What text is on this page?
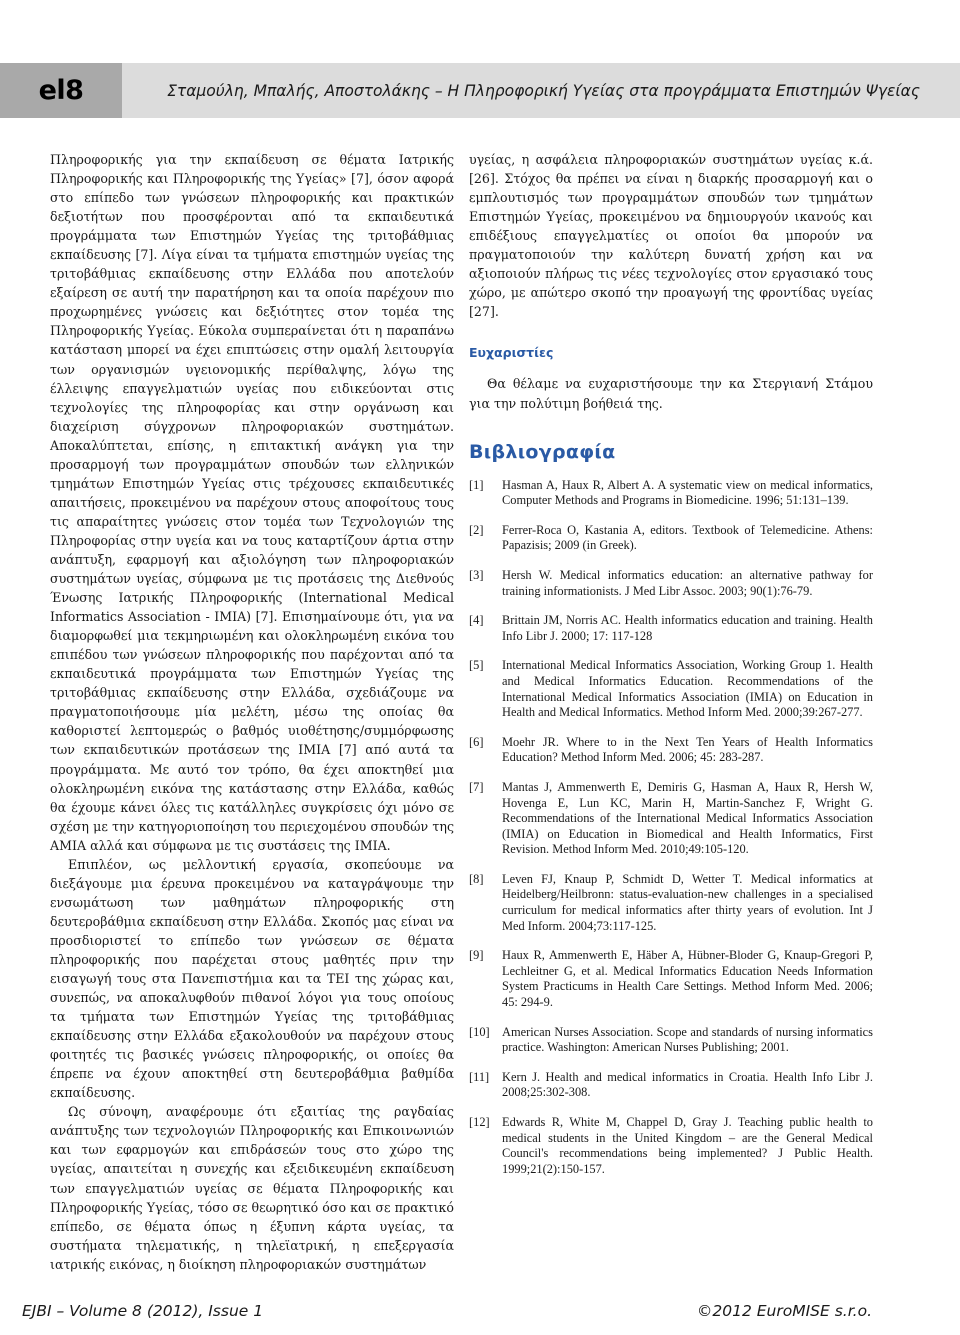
el8	Σταμούλη, Μπαλής, Αποστολάκης – Η Πληροφορική Υγείας στα προγράμματα Επιστημών Ψγείας

Πληροφορικής για την εκπαίδευση σε θέματα Ιατρικής Πληροφορικής και Πληροφορικής της Υγείας» [7], όσον αφορά στο επίπεδο των γνώσεων πληροφορικής και πρακτικών δεξιοτήτων που προσφέρονται από τα εκπαιδευτικά προγράμματα των Επιστημών Υγείας της τριτοβάθμιας εκπαίδευσης [7]. Λίγα είναι τα τμήματα επιστημών υγείας της τριτοβάθμιας εκπαίδευσης στην Ελλάδα που αποτελούν εξαίρεση σε αυτή την παρατήρηση και τα οποία παρέχουν πιο προχωρημένες γνώσεις και δεξιότητες στον τομέα της Πληροφορικής Υγείας. Εύκολα συμπεραίνεται ότι η παραπάνω κατάσταση μπορεί να έχει επιπτώσεις στην ομαλή λειτουργία των οργανισμών υγειονομικής περίθαλψης, λόγω της έλλειψης επαγγελματιών υγείας που ειδικεύονται στις τεχνολογίες της πληροφορίας και στην οργάνωση και διαχείριση σύγχρονων πληροφοριακών συστημάτων. Αποκαλύπτεται, επίσης, η επιτακτική ανάγκη για την προσαρμογή των προγραμμάτων σπουδών των ελληνικών τμημάτων Επιστημών Υγείας στις τρέχουσες εκπαιδευτικές απαιτήσεις, προκειμένου να παρέχουν στους αποφοίτους τους τις απαραίτητες γνώσεις στον τομέα των Τεχνολογιών της Πληροφορίας στην υγεία και να τους καταρτίζουν άρτια στην ανάπτυξη, εφαρμογή και αξιολόγηση των πληροφοριακών συστημάτων υγείας, σύμφωνα με τις προτάσεις της Διεθνούς Ένωσης Ιατρικής Πληροφορικής (International Medical Informatics Association - IMIA) [7]. Επισημαίνουμε ότι, για να διαμορφωθεί μια τεκμηριωμένη και ολοκληρωμένη εικόνα του επιπέδου των γνώσεων πληροφορικής που παρέχονται από τα εκπαιδευτικά προγράμματα των Επιστημών Υγείας της τριτοβάθμιας εκπαίδευσης στην Ελλάδα, σχεδιάζουμε να πραγματοποιήσουμε μία μελέτη, μέσω της οποίας θα καθοριστεί λεπτομερώς ο βαθμός υιοθέτησης/συμμόρφωσης των εκπαιδευτικών προτάσεων της IMIA [7] από αυτά τα προγράμματα. Με αυτό τον τρόπο, θα έχει αποκτηθεί μια ολοκληρωμένη εικόνα της κατάστασης στην Ελλάδα, καθώς θα έχουμε κάνει όλες τις κατάλληλες συγκρίσεις όχι μόνο σε σχέση με την κατηγοριοποίηση του περιεχομένου σπουδών της AMIA αλλά και σύμφωνα με τις συστάσεις της IMIA.

Επιπλέον, ως μελλοντική εργασία, σκοπεύουμε να διεξάγουμε μια έρευνα προκειμένου να καταγράψουμε την ενσωμάτωση των μαθημάτων πληροφορικής στη δευτεροβάθμια εκπαίδευση στην Ελλάδα. Σκοπός μας είναι να προσδιοριστεί το επίπεδο των γνώσεων σε θέματα πληροφορικής που παρέχεται στους μαθητές πριν την εισαγωγή τους στα Πανεπιστήμια και τα ΤΕΙ της χώρας και, συνεπώς, να αποκαλυφθούν πιθανοί λόγοι για τους οποίους τα τμήματα των Επιστημών Υγείας της τριτοβάθμιας εκπαίδευσης στην Ελλάδα εξακολουθούν να παρέχουν στους φοιτητές τις βασικές γνώσεις πληροφορικής, οι οποίες θα έπρεπε να έχουν αποκτηθεί στη δευτεροβάθμια βαθμίδα εκπαίδευσης.

Ως σύνοψη, αναφέρουμε ότι εξαιτίας της ραγδαίας ανάπτυξης των τεχνολογιών Πληροφορικής και Επικοινωνιών και των εφαρμογών και επιδράσεών τους στο χώρο της υγείας, απαιτείται η συνεχής και εξειδικευμένη εκπαίδευση των επαγγελματιών υγείας σε θέματα Πληροφορικής και Πληροφορικής Υγείας, τόσο σε θεωρητικό όσο και σε πρακτικό επίπεδο, σε θέματα όπως η έξυπνη κάρτα υγείας, τα συστήματα τηλεματικής, η τηλεϊατρική, η επεξεργασία ιατρικής εικόνας, η διοίκηση πληροφοριακών συστημάτων

υγείας, η ασφάλεια πληροφοριακών συστημάτων υγείας κ.ά. [26]. Στόχος θα πρέπει να είναι η διαρκής προσαρμογή και ο εμπλουτισμός των προγραμμάτων σπουδών των τμημάτων Επιστημών Υγείας, προκειμένου να δημιουργούν ικανούς και επιδέξιους επαγγελματίες οι οποίοι θα μπορούν να πραγματοποιούν την καλύτερη δυνατή χρήση και να αξιοποιούν πλήρως τις νέες τεχνολογίες στον εργασιακό τους χώρο, με απώτερο σκοπό την προαγωγή της φροντίδας υγείας [27].

Ευχαριστίες

Θα θέλαμε να ευχαριστήσουμε την κα Στεργιανή Στάμου για την πολύτιμη βοήθειά της.

Βιβλιογραφία
[1]	Hasman A, Haux R, Albert A. A systematic view on medical informatics, Computer Methods and Programs in Biomedicine. 1996; 51:131–139.
[2]	Ferrer-Roca O, Kastania A, editors. Textbook of Telemedicine. Athens: Papazisis; 2009 (in Greek).
[3]	Hersh W. Medical informatics education: an alternative pathway for training informationists. J Med Libr Assoc. 2003; 90(1):76-79.
[4]	Brittain JM, Norris AC. Health informatics education and training. Health Info Libr J. 2000; 17: 117-128
[5]	International Medical Informatics Association, Working Group 1. Health and Medical Informatics Education. Recommendations of the International Medical Informatics Association (IMIA) on Education in Health and Medical Informatics. Method Inform Med. 2000;39:267-277.
[6]	Moehr JR. Where to in the Next Ten Years of Health Informatics Education? Method Inform Med. 2006; 45: 283-287.
[7]	Mantas J, Ammenwerth E, Demiris G, Hasman A, Haux R, Hersh W, Hovenga E, Lun KC, Marin H, Martin-Sanchez F, Wright G. Recommendations of the International Medical Informatics Association (IMIA) on Education in Biomedical and Health Informatics, First Revision. Method Inform Med. 2010;49:105-120.
[8]	Leven FJ, Knaup P, Schmidt D, Wetter T. Medical informatics at Heidelberg/Heilbronn: status-evaluation-new challenges in a specialised curriculum for medical informatics after thirty years of evolution. Int J Med Inform. 2004;73:117-125.
[9]	Haux R, Ammenwerth E, Häber A, Hübner-Bloder G, Knaup-Gregori P, Lechleitner G, et al. Medical Informatics Education Needs Information System Practicums in Health Care Settings. Method Inform Med. 2006; 45: 294-9.
[10] American Nurses Association. Scope and standards of nursing informatics practice. Washington: American Nurses Publishing; 2001.
[11]	Kern J. Health and medical informatics in Croatia. Health Info Libr J. 2008;25:302-308.
[12] Edwards R, White M, Chappel D, Gray J. Teaching public health to medical students in the United Kingdom – are the General Medical Council's recommendations being implemented? J Public Health. 1999;21(2):150-157.
EJBI – Volume 8 (2012), Issue 1	©2012 EuroMISE s.r.o.
